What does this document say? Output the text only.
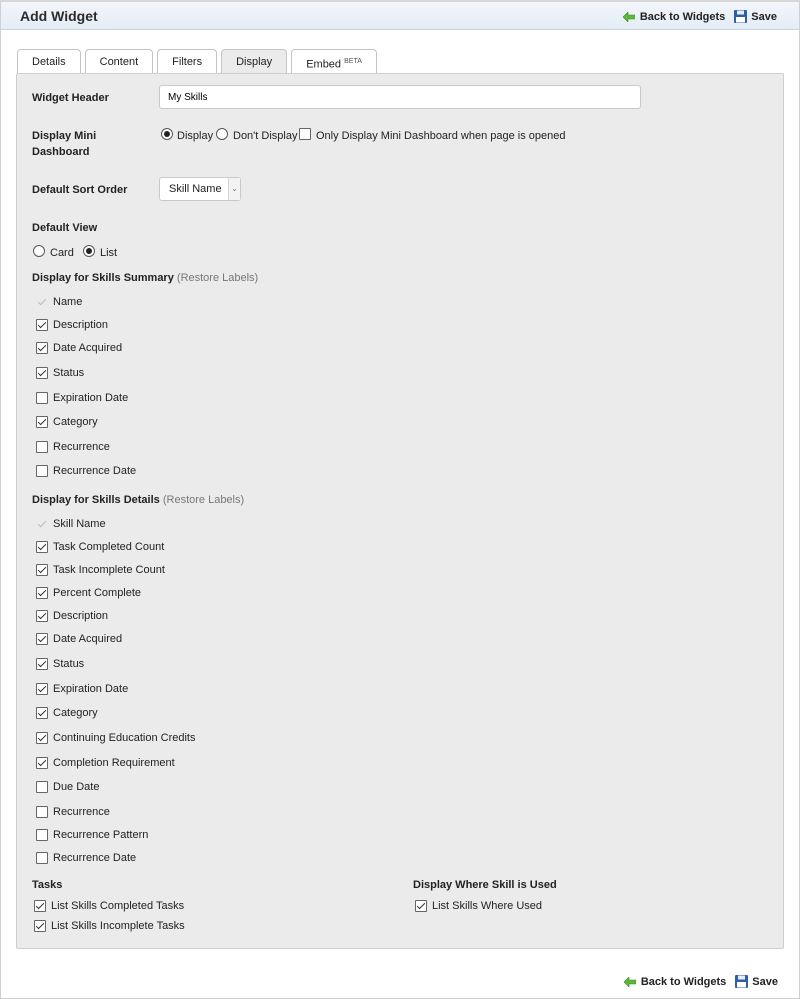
Add Widget	Back to Widgets Save
Details	Content	Filters	Display	Embed $^{BETA}$
Widget Header
My Skills
Display Mini
Dashboard
Display Don't Display Only Display Mini Dashboard when page is opened
Default Sort Order	Skill Name	⌄
Default View
Card List
Display for Skills Summary (Restore Labels)
Name
Description
Date Acquired
Status
Expiration Date
Category
Recurrence
Recurrence Date
Display for Skills Details (Restore Labels)
Skill Name
Task Completed Count
Task Incomplete Count
Percent Complete
Description
Date Acquired
Status
Expiration Date
Category
Continuing Education Credits
Completion Requirement
Due Date
Recurrence
Recurrence Pattern
Recurrence Date
Tasks
List Skills Completed Tasks
List Skills Incomplete Tasks
Display Where Skill is Used
List Skills Where Used
Back to Widgets Save
